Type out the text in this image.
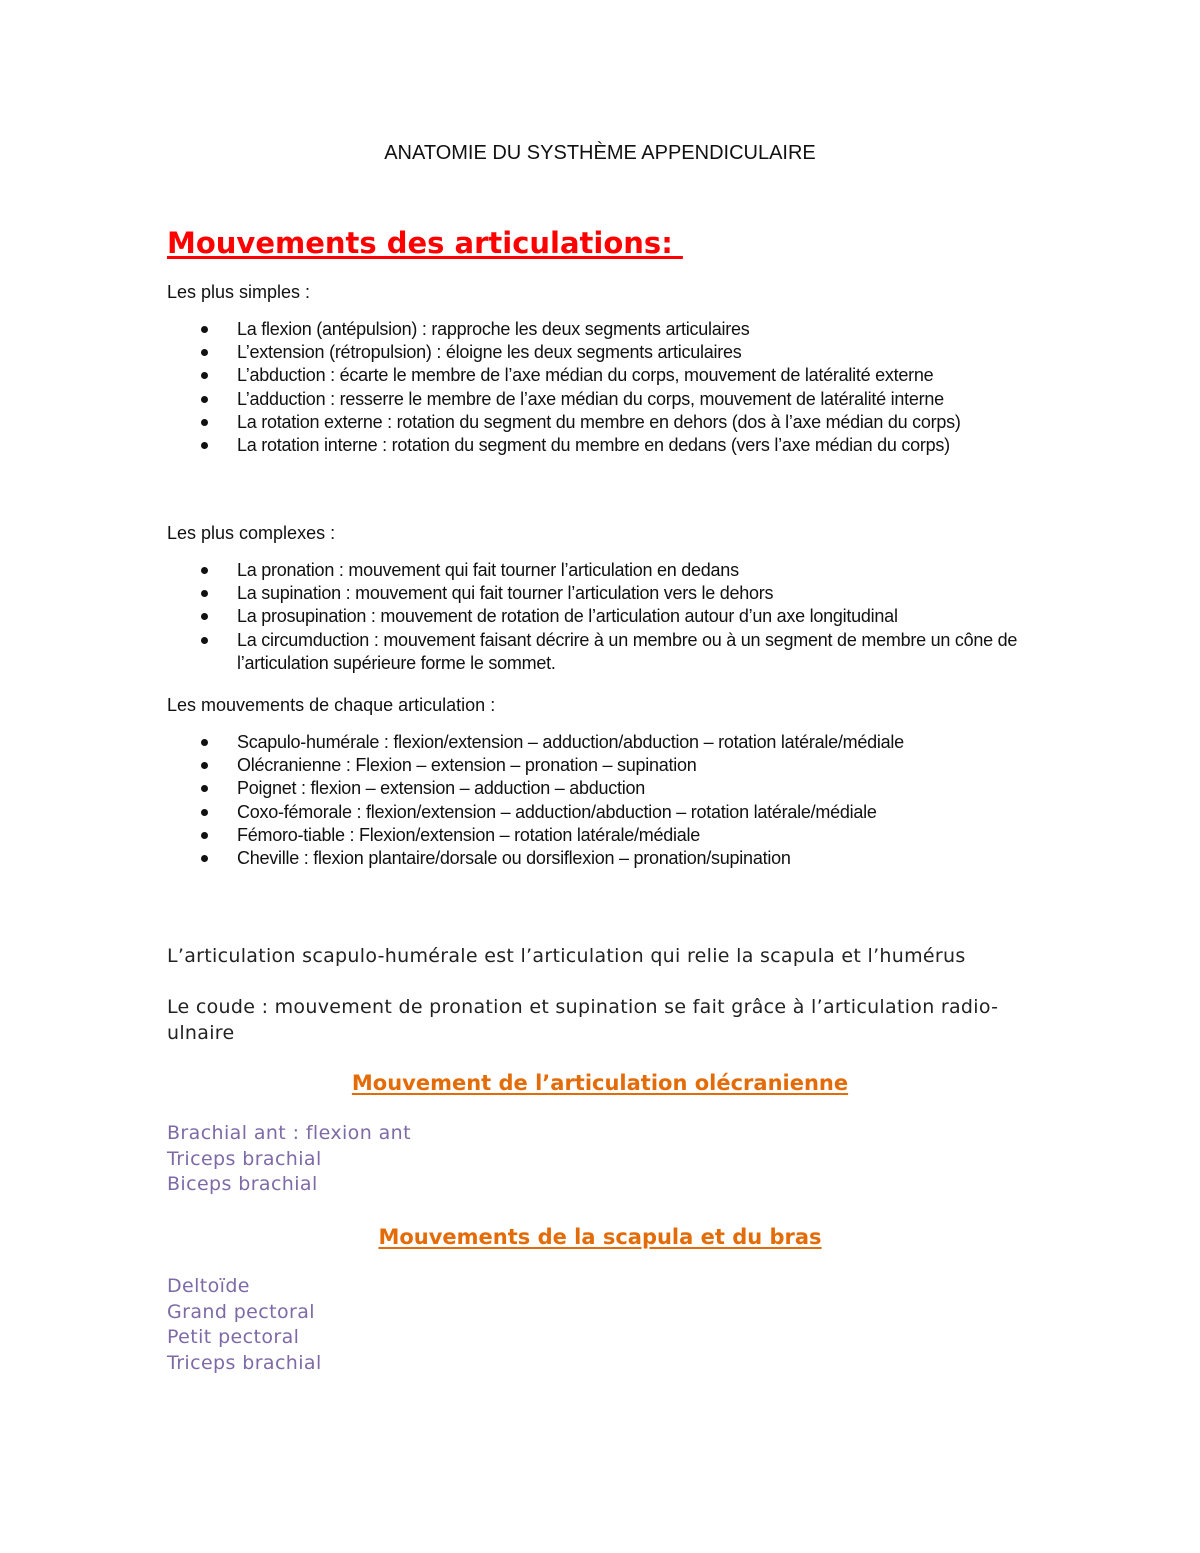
ANATOMIE DU SYSTHÈME APPENDICULAIRE
Mouvements des articulations:
Les plus simples :
La flexion (antépulsion) : rapproche les deux segments articulaires
L’extension (rétropulsion) : éloigne les deux segments articulaires
L’abduction : écarte le membre de l’axe médian du corps, mouvement de latéralité externe
L’adduction : resserre le membre de l’axe médian du corps, mouvement de latéralité interne
La rotation externe : rotation du segment du membre en dehors (dos à l’axe médian du corps)
La rotation interne : rotation du segment du membre en dedans (vers l’axe médian du corps)
Les plus complexes :
La pronation : mouvement qui fait tourner l’articulation en dedans
La supination : mouvement qui fait tourner l’articulation vers le dehors
La prosupination : mouvement de rotation de l’articulation autour d’un axe longitudinal
La circumduction : mouvement faisant décrire à un membre ou à un segment de membre un cône de l’articulation supérieure forme le sommet.
Les mouvements de chaque articulation :
Scapulo-humérale : flexion/extension – adduction/abduction – rotation latérale/médiale
Olécranienne : Flexion – extension – pronation – supination
Poignet : flexion – extension – adduction – abduction
Coxo-fémorale : flexion/extension – adduction/abduction – rotation latérale/médiale
Fémoro-tiable : Flexion/extension – rotation latérale/médiale
Cheville : flexion plantaire/dorsale ou dorsiflexion – pronation/supination
L’articulation scapulo-humérale est l’articulation qui relie la scapula et l’humérus
Le coude : mouvement de pronation et supination se fait grâce à l’articulation radio-ulnaire
Mouvement de l’articulation olécranienne
Brachial ant : flexion ant
Triceps brachial
Biceps brachial
Mouvements de la scapula et du bras
Deltoïde
Grand pectoral
Petit pectoral
Triceps brachial
